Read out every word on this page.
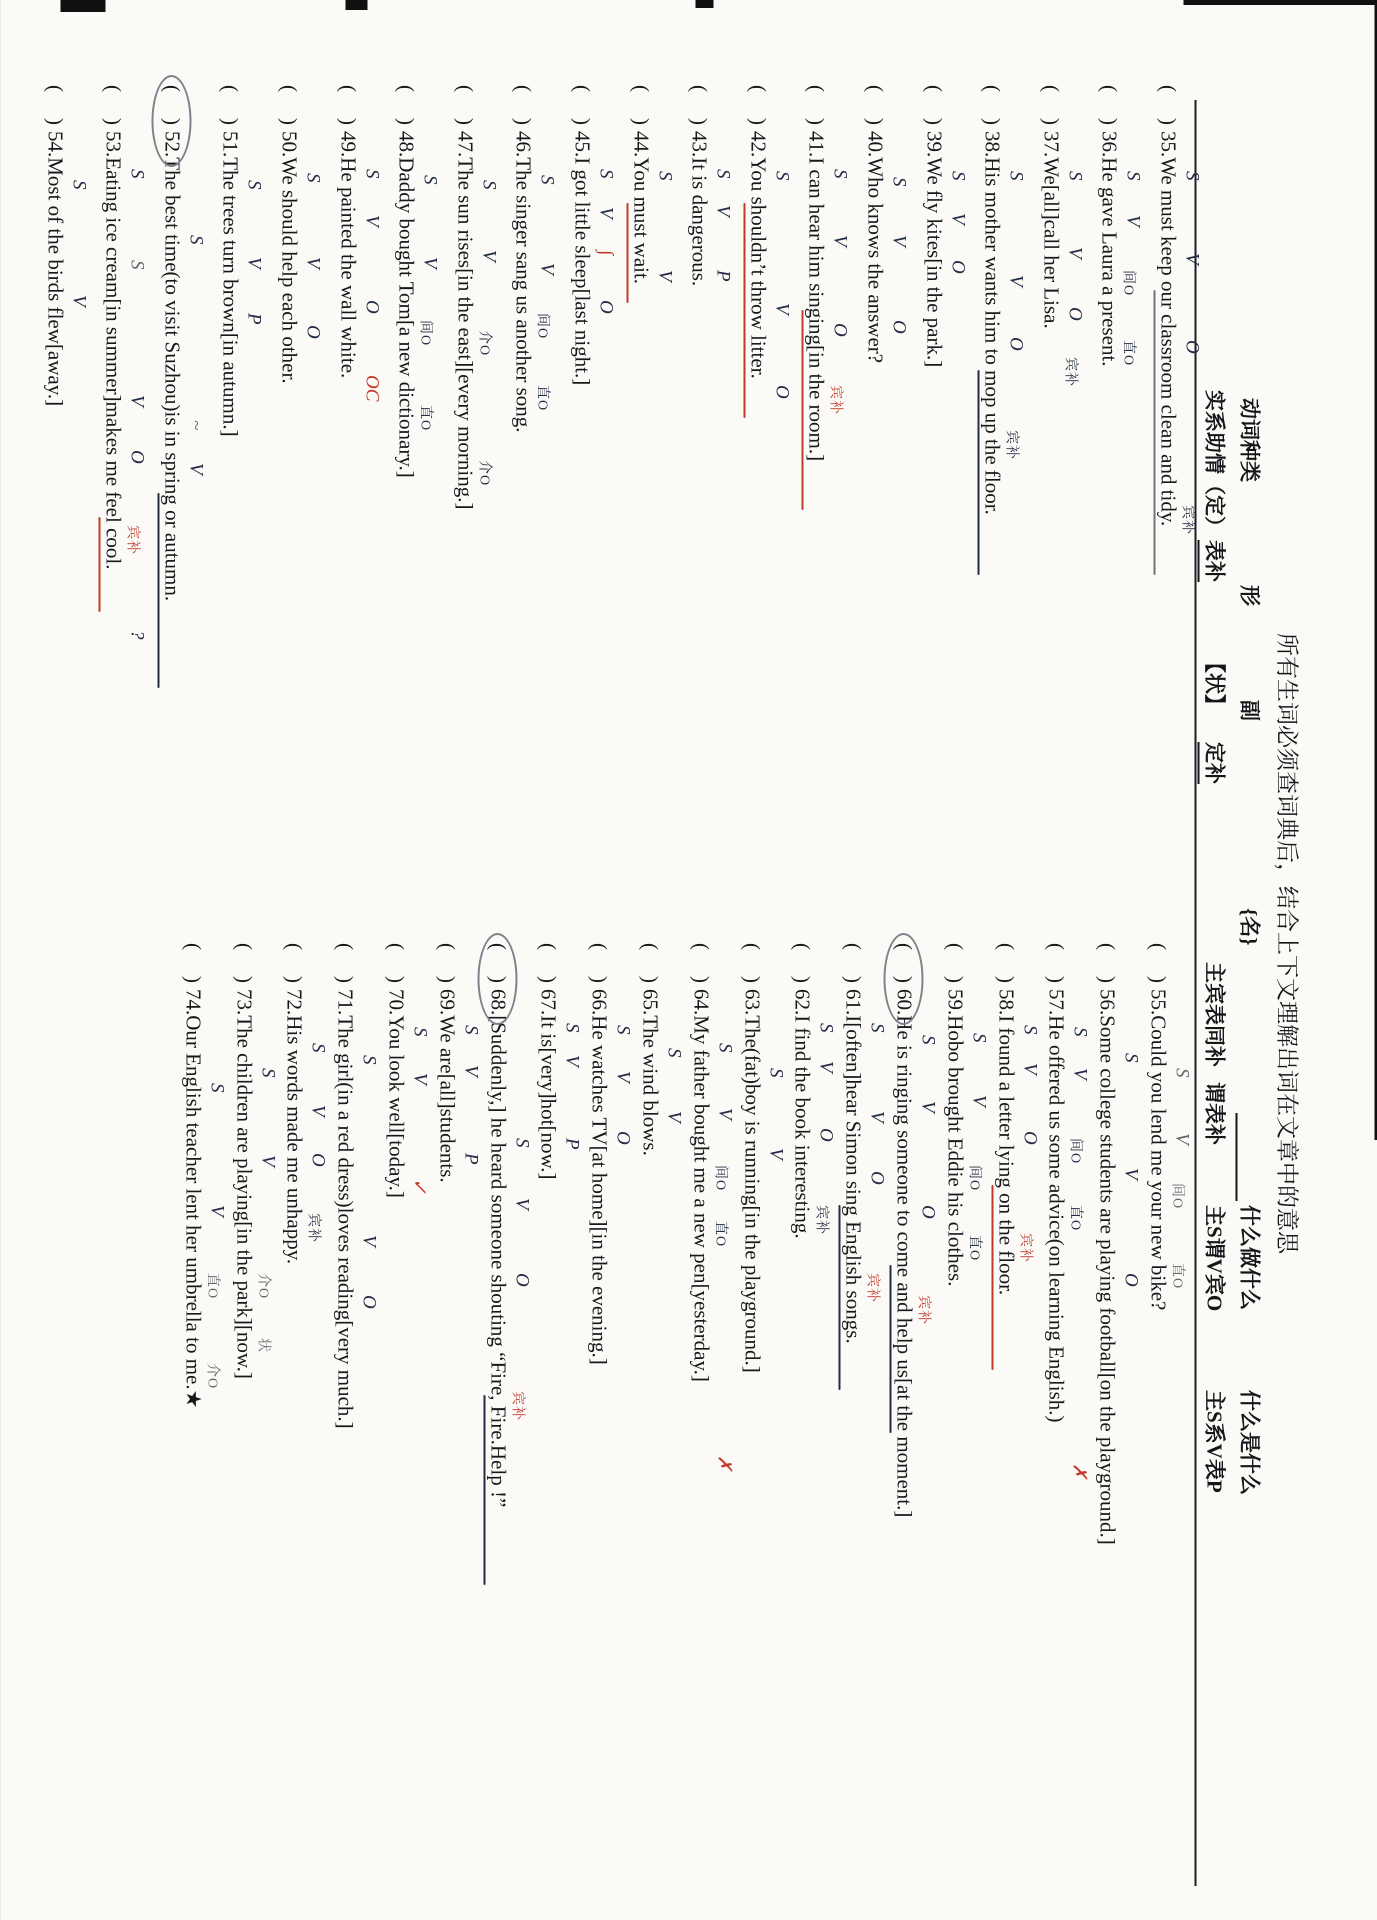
所有生词必须查词典后，结合上下文理解出词在文章中的意思
动词种类
形
副
{名}
什么做什么
什么是什么
实系助情（定）
表补
【状】
定补
主宾表同补
谓表补
主S谓V宾O
主S系V表P
()35.We must keep our classroom clean and tidy. S
V
O
宾补
()36.He gave Laura a present. S
V
间O
直O
()37.We[all]call her Lisa. S
V
O
宾补
()38.His mother wants him to mop up the floor. S
V
O
宾补
()39.We fly kites[in the park.] S
V
O
()40.Who knows the answer? S
V
O
()41.I can hear him singing[in the room.] S
V
O
宾补
()42.You shouldn’t throw litter. S
V
O
()43.It is dangerous. S
V
P
()44.You must wait. S
V
()45.I got little sleep[last night.] S
V
∫
O
()46.The singer sang us another song. S
V
间O
直O
()47.The sun rises[in the east][every morning.] S
V
介O
介O
()48.Daddy bought Tom[a new dictionary.] S
V
间O
直O
()49.He painted the wall white. S
V
O
OC
()50.We should help each other. S
V
O
()51.The trees turn brown[in autumn.] S
V
P
()52.The best time(to visit Suzhou)is in spring or autumn. S
~
V
()53.Eating ice cream[in summer]makes me feel cool. S
S
V
O
宾补
?
()54.Most of the birds flew[away.] S
V
()55.Could you lend me your new bike? S
V
间O
直O
()56.Some college students are playing football[on the playground.] S
V
O
()57.He offered us some advice(on learning English.) S
V
间O
直O
✗
()58.I found a letter lying on the floor. S
V
O
宾补
()59.Hobo brought Eddie his clothes. S
V
间O
直O
()60.He is ringing someone to come and help us[at the moment.] S
V
O
宾补
()61.I[often]hear Simon sing English songs. S
V
O
宾补
()62.I find the book interesting. S
V
O
宾补
()63.The(fat)boy is running[in the playground.] S
V
()64.My father bought me a new pen[yesterday.] S
V
间O
直O
✗
()65.The wind blows. S
V
()66.He watches TV[at home][in the evening.] S
V
O
()67.It is[very]hot[now.] S
V
P
()68.[Suddenly,] he heard someone shouting “Fire, Fire.Help !” S
V
O
宾补
()69.We are[all]students. S
V
P
()70.You look well[today.] S
V
✓
()71.The girl(in a red dress)loves reading[very much.] S
V
O
()72.His words made me unhappy. S
V
O
宾补
()73.The children are playing[in the park][now.] S
V
介O
状
()74.Our English teacher lent her umbrella to me.★ S
V
直O
介O
